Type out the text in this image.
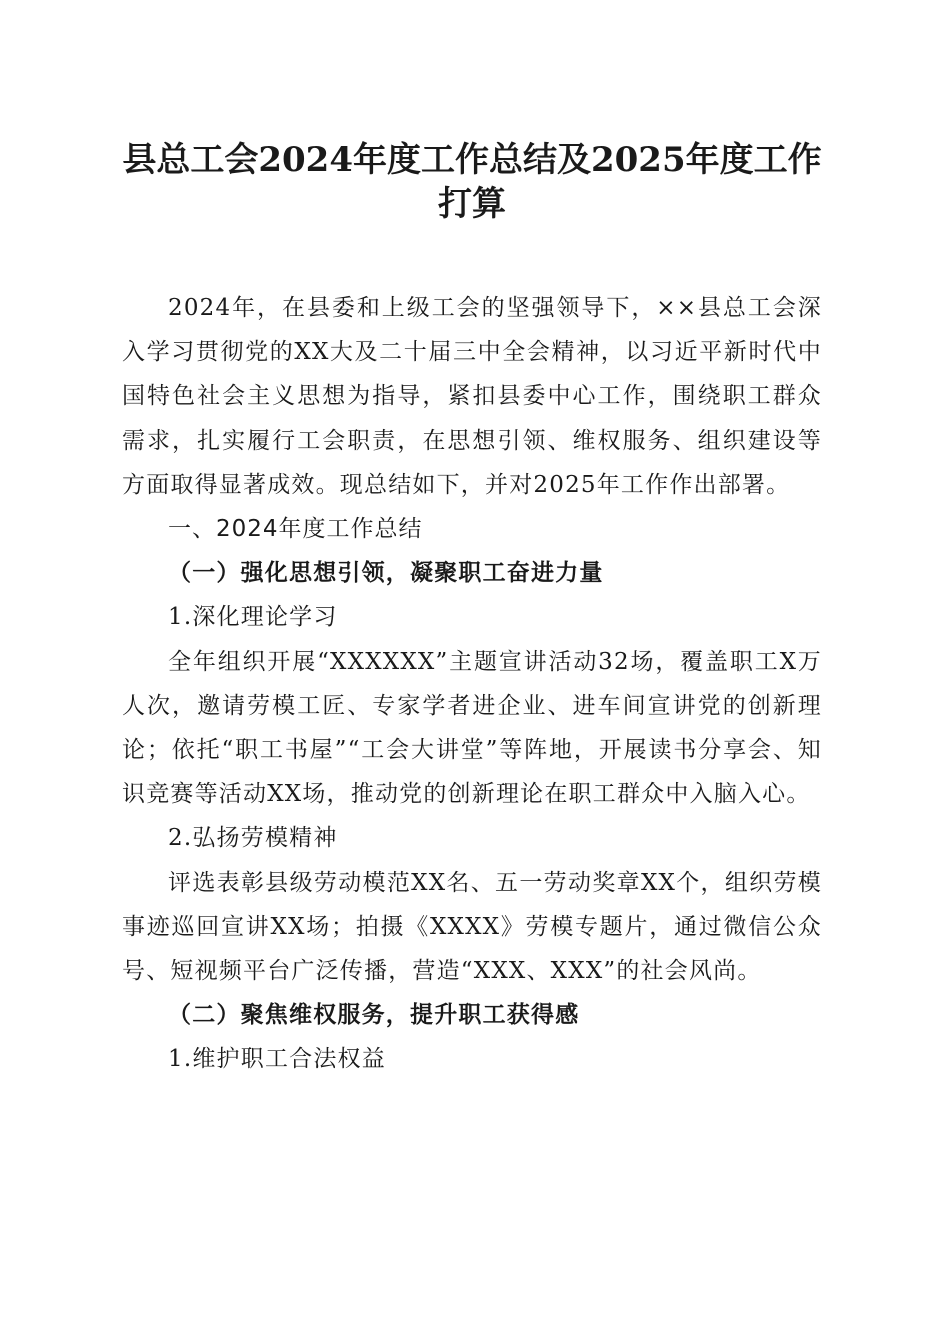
县总工会2024年度工作总结及2025年度工作打算

2024年，在县委和上级工会的坚强领导下，××县总工会深入学习贯彻党的XX大及二十届三中全会精神，以习近平新时代中国特色社会主义思想为指导，紧扣县委中心工作，围绕职工群众需求，扎实履行工会职责，在思想引领、维权服务、组织建设等方面取得显著成效。现总结如下，并对2025年工作作出部署。

一、2024年度工作总结

（一）强化思想引领，凝聚职工奋进力量

1.深化理论学习

全年组织开展“XXXXXX”主题宣讲活动32场，覆盖职工X万人次，邀请劳模工匠、专家学者进企业、进车间宣讲党的创新理论；依托“职工书屋”“工会大讲堂”等阵地，开展读书分享会、知识竞赛等活动XX场，推动党的创新理论在职工群众中入脑入心。

2.弘扬劳模精神

评选表彰县级劳动模范XX名、五一劳动奖章XX个，组织劳模事迹巡回宣讲XX场；拍摄《XXXX》劳模专题片，通过微信公众号、短视频平台广泛传播，营造“XXX、XXX”的社会风尚。

（二）聚焦维权服务，提升职工获得感

1.维护职工合法权益
